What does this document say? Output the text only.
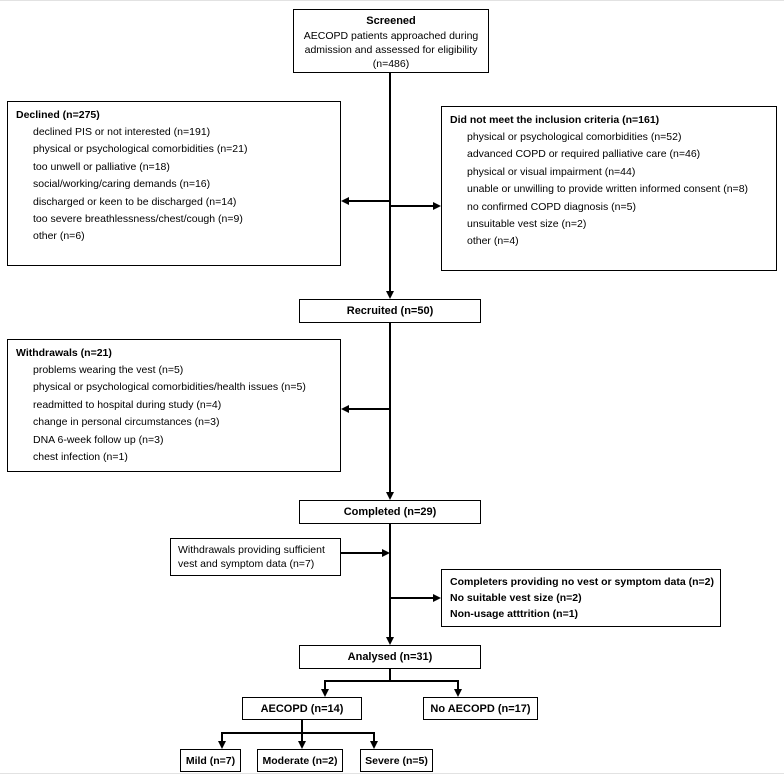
Screened
AECOPD patients approached during
admission and assessed for eligibility
(n=486)
Declined (n=275)
declined PIS or not interested (n=191)
physical or psychological comorbidities (n=21)
too unwell or palliative (n=18)
social/working/caring demands (n=16)
discharged or keen to be discharged (n=14)
too severe breathlessness/chest/cough (n=9)
other (n=6)
Did not meet the inclusion criteria (n=161)
physical or psychological comorbidities (n=52)
advanced COPD or required palliative care (n=46)
physical or visual impairment (n=44)
unable or unwilling to provide written informed consent (n=8)
no confirmed COPD diagnosis (n=5)
unsuitable vest size (n=2)
other (n=4)
Recruited (n=50)
Withdrawals (n=21)
problems wearing the vest (n=5)
physical or psychological comorbidities/health issues (n=5)
readmitted to hospital during study (n=4)
change in personal circumstances (n=3)
DNA 6-week follow up (n=3)
chest infection (n=1)
Completed (n=29)
Withdrawals providing sufficient
vest and symptom data (n=7)
Completers providing no vest or symptom data (n=2)
No suitable vest size (n=2)
Non-usage atttrition (n=1)
Analysed (n=31)
AECOPD (n=14)	No AECOPD (n=17)
Mild (n=7)	Moderate (n=2)	Severe (n=5)
